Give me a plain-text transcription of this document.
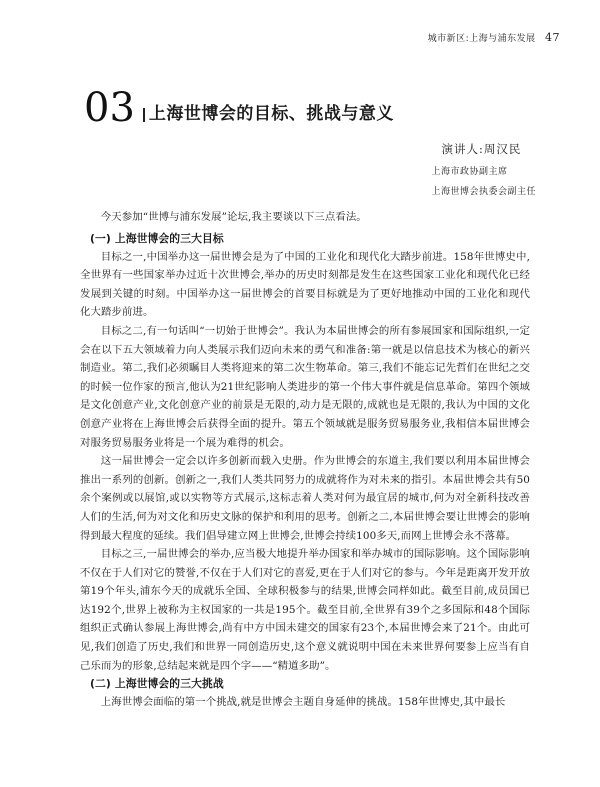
城市新区:上海与浦东发展 47
03 上海世博会的目标、挑战与意义
演讲人:周汉民
上海市政协副主席
上海世博会执委会副主任

今天参加“世博与浦东发展”论坛,我主要谈以下三点看法。

(一) 上海世博会的三大目标

目标之一,中国举办这一届世博会是为了中国的工业化和现代化大踏步前进。158年世博史中,全世界有一些国家举办过近十次世博会,举办的历史时刻都是发生在这些国家工业化和现代化已经发展到关键的时刻。中国举办这一届世博会的首要目标就是为了更好地推动中国的工业化和现代化大踏步前进。

目标之二,有一句话叫“一切始于世博会”。我认为本届世博会的所有参展国家和国际组织,一定会在以下五大领域着力向人类展示我们迈向未来的勇气和准备:第一就是以信息技术为核心的新兴制造业。第二,我们必须瞩目人类将迎来的第二次生物革命。第三,我们不能忘记先哲们在世纪之交的时候一位作家的预言,他认为21世纪影响人类进步的第一个伟大事件就是信息革命。第四个领域是文化创意产业,文化创意产业的前景是无限的,动力是无限的,成就也是无限的,我认为中国的文化创意产业将在上海世博会后获得全面的提升。第五个领域就是服务贸易服务业,我相信本届世博会对服务贸易服务业将是一个展为难得的机会。

这一届世博会一定会以许多创新而载入史册。作为世博会的东道主,我们要以利用本届世博会推出一系列的创新。创新之一,我们人类共同努力的成就将作为对未来的指引。本届世博会共有50余个案例或以展馆,或以实物等方式展示,这标志着人类对何为最宜居的城市,何为对全新科技改善人们的生活,何为对文化和历史文脉的保护和利用的思考。创新之二,本届世博会要让世博会的影响得到最大程度的延续。我们倡导建立网上世博会,世博会持续100多天,而网上世博会永不落幕。

目标之三,一届世博会的举办,应当极大地提升举办国家和举办城市的国际影响。这个国际影响不仅在于人们对它的赞誉,不仅在于人们对它的喜爱,更在于人们对它的参与。今年是距离开发开放第19个年头,浦东今天的成就乐全国、全球积极参与的结果,世博会同样如此。截至目前,成员国已达192个,世界上被称为主权国家的一共是195个。截至目前,全世界有39个之多国际和48个国际组织正式确认参展上海世博会,尚有中方中国未建交的国家有23个,本届世博会来了21个。由此可见,我们创造了历史,我们和世界一同创造历史,这个意义就说明中国在未来世界何要参上应当有自己乐而为的形象,总结起来就是四个字——“精道多助”。

(二) 上海世博会的三大挑战

上海世博会面临的第一个挑战,就是世博会主题自身延伸的挑战。158年世博史,其中最长
